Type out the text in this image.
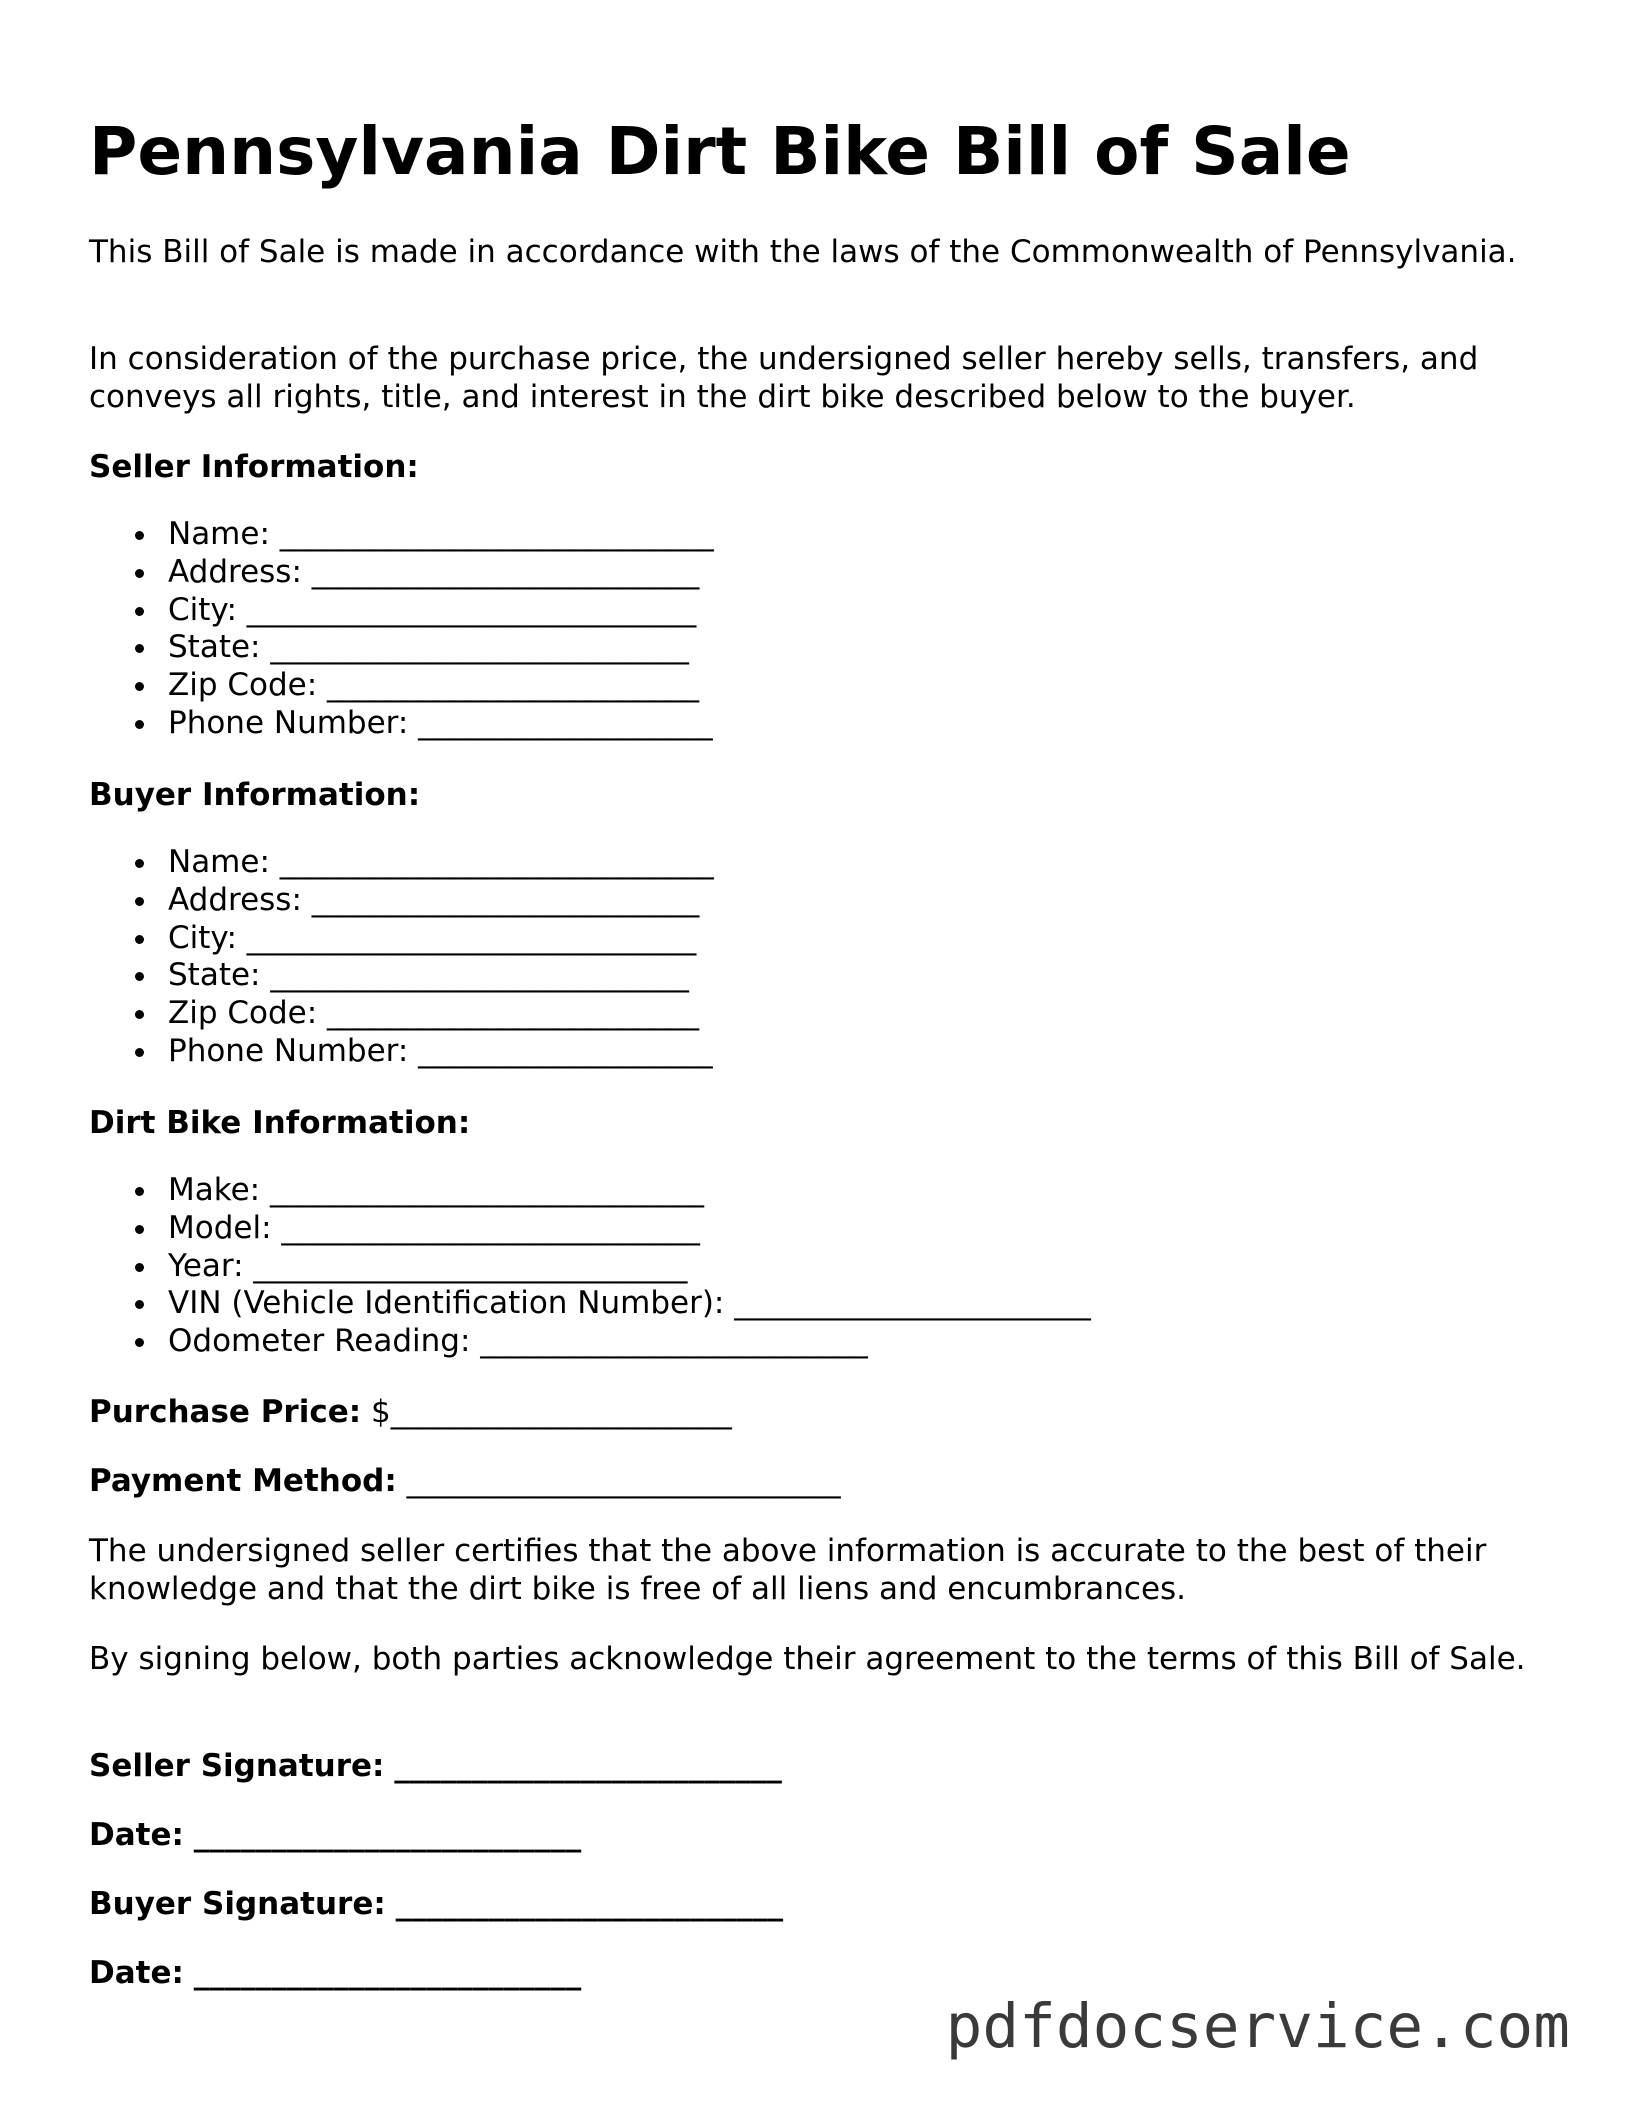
Pennsylvania Dirt Bike Bill of Sale

This Bill of Sale is made in accordance with the laws of the Commonwealth of Pennsylvania.

In consideration of the purchase price, the undersigned seller hereby sells, transfers, and conveys all rights, title, and interest in the dirt bike described below to the buyer.

Seller Information:

Name: ____________________________
Address: _________________________
City: _____________________________
State: ___________________________
Zip Code: ________________________
Phone Number: ___________________

Buyer Information:

Name: ____________________________
Address: _________________________
City: _____________________________
State: ___________________________
Zip Code: ________________________
Phone Number: ___________________

Dirt Bike Information:

Make: ____________________________
Model: ___________________________
Year: ____________________________
VIN (Vehicle Identification Number): _______________________
Odometer Reading: _________________________

Purchase Price: $______________________

Payment Method: ____________________________

The undersigned seller certifies that the above information is accurate to the best of their knowledge and that the dirt bike is free of all liens and encumbrances.

By signing below, both parties acknowledge their agreement to the terms of this Bill of Sale.

Seller Signature: _________________________

Date: _________________________

Buyer Signature: _________________________

Date: _________________________

pdfdocservice.com
